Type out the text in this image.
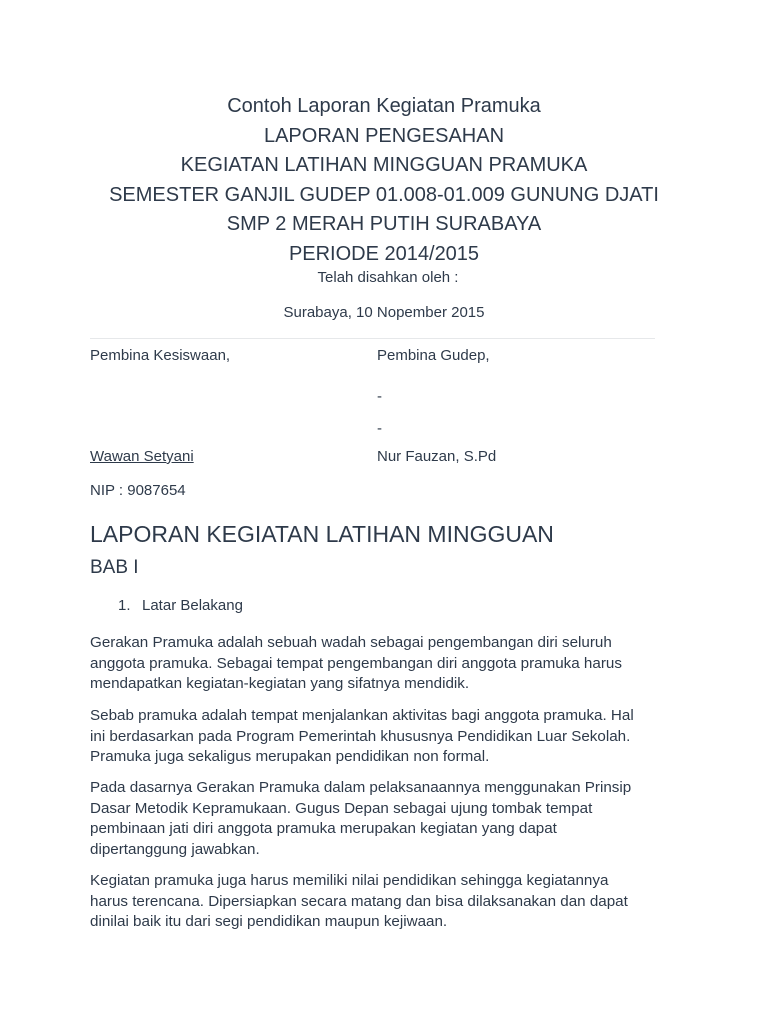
Contoh Laporan Kegiatan Pramuka
LAPORAN PENGESAHAN
KEGIATAN LATIHAN MINGGUAN PRAMUKA
SEMESTER GANJIL GUDEP 01.008-01.009 GUNUNG DJATI
SMP 2 MERAH PUTIH SURABAYA
PERIODE 2014/2015
Telah disahkan oleh :
Surabaya, 10 Nopember 2015
Pembina Kesiswaan,	Pembina Gudep,
-
-
Wawan Setyani	Nur Fauzan, S.Pd
NIP : 9087654
LAPORAN KEGIATAN LATIHAN MINGGUAN
BAB I
1. Latar Belakang
Gerakan Pramuka adalah sebuah wadah sebagai pengembangan diri seluruh
anggota pramuka. Sebagai tempat pengembangan diri anggota pramuka harus
mendapatkan kegiatan-kegiatan yang sifatnya mendidik.
Sebab pramuka adalah tempat menjalankan aktivitas bagi anggota pramuka. Hal
ini berdasarkan pada Program Pemerintah khususnya Pendidikan Luar Sekolah.
Pramuka juga sekaligus merupakan pendidikan non formal.
Pada dasarnya Gerakan Pramuka dalam pelaksanaannya menggunakan Prinsip
Dasar Metodik Kepramukaan. Gugus Depan sebagai ujung tombak tempat
pembinaan jati diri anggota pramuka merupakan kegiatan yang dapat
dipertanggung jawabkan.
Kegiatan pramuka juga harus memiliki nilai pendidikan sehingga kegiatannya
harus terencana. Dipersiapkan secara matang dan bisa dilaksanakan dan dapat
dinilai baik itu dari segi pendidikan maupun kejiwaan.
